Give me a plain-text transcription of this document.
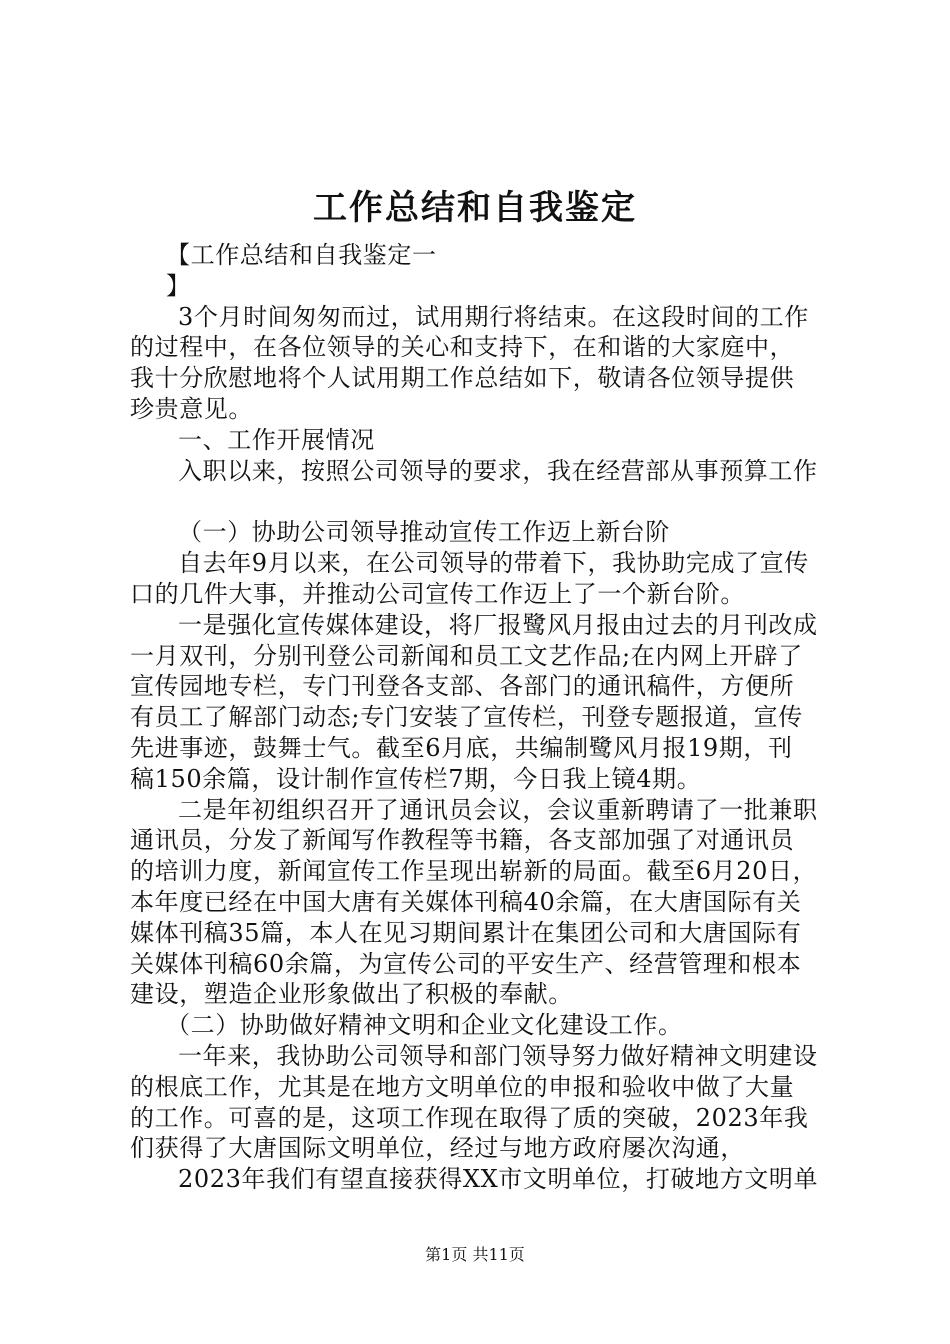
工作总结和自我鉴定

【工作总结和自我鉴定一

】

3个月时间匆匆而过，试用期行将结束。在这段时间的工作

的过程中，在各位领导的关心和支持下，在和谐的大家庭中，

我十分欣慰地将个人试用期工作总结如下，敬请各位领导提供

珍贵意见。

一、工作开展情况

入职以来，按照公司领导的要求，我在经营部从事预算工作

（一）协助公司领导推动宣传工作迈上新台阶

自去年9月以来，在公司领导的带着下，我协助完成了宣传

口的几件大事，并推动公司宣传工作迈上了一个新台阶。

一是强化宣传媒体建设，将厂报鹭风月报由过去的月刊改成

一月双刊，分别刊登公司新闻和员工文艺作品;在内网上开辟了

宣传园地专栏，专门刊登各支部、各部门的通讯稿件，方便所

有员工了解部门动态;专门安装了宣传栏，刊登专题报道，宣传

先进事迹，鼓舞士气。截至6月底，共编制鹭风月报19期，刊

稿150余篇，设计制作宣传栏7期，今日我上镜4期。

二是年初组织召开了通讯员会议，会议重新聘请了一批兼职

通讯员，分发了新闻写作教程等书籍，各支部加强了对通讯员

的培训力度，新闻宣传工作呈现出崭新的局面。截至6月20日，

本年度已经在中国大唐有关媒体刊稿40余篇，在大唐国际有关

媒体刊稿35篇，本人在见习期间累计在集团公司和大唐国际有

关媒体刊稿60余篇，为宣传公司的平安生产、经营管理和根本

建设，塑造企业形象做出了积极的奉献。

（二）协助做好精神文明和企业文化建设工作。

一年来，我协助公司领导和部门领导努力做好精神文明建设

的根底工作，尤其是在地方文明单位的申报和验收中做了大量

的工作。可喜的是，这项工作现在取得了质的突破，2023年我

们获得了大唐国际文明单位，经过与地方政府屡次沟通，

2023年我们有望直接获得XX市文明单位，打破地方文明单

第1页 共11页
